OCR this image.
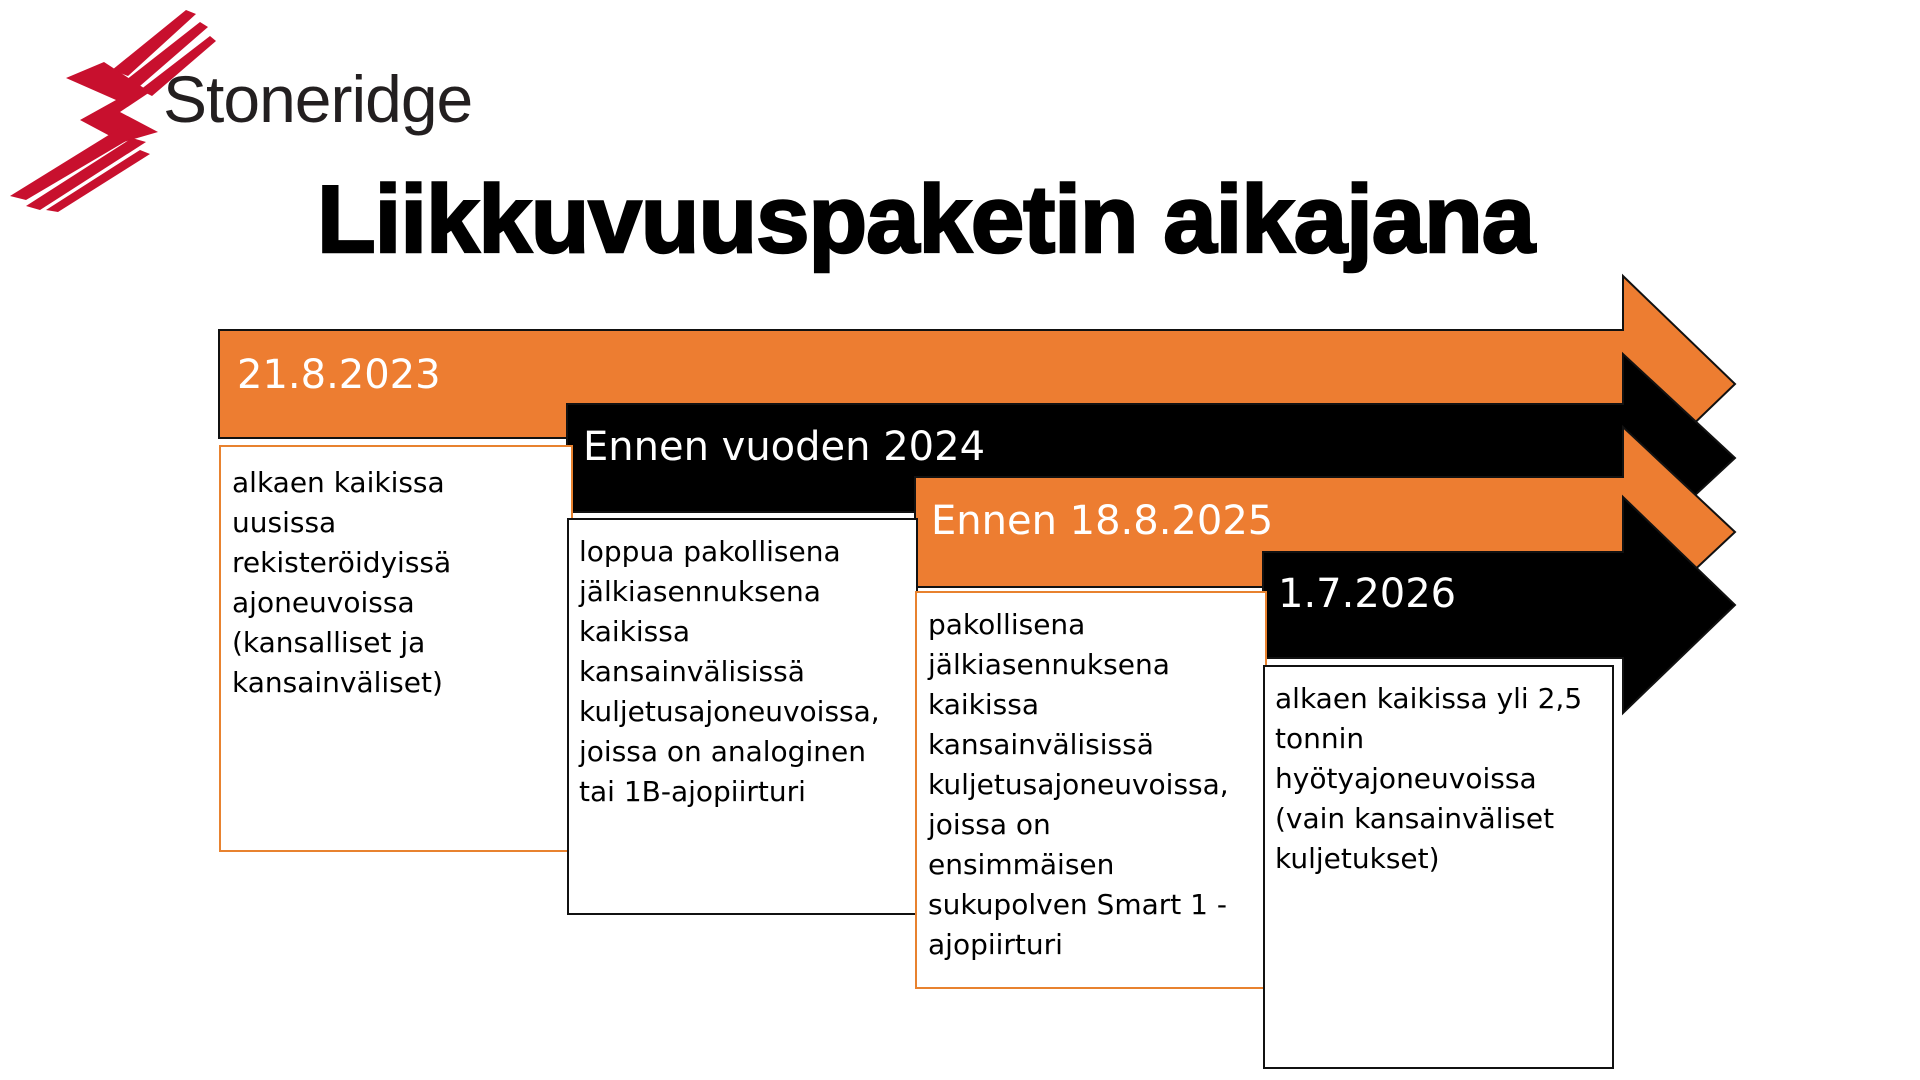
Stoneridge
Liikkuvuuspaketin aikajana
21.8.2023
Ennen vuoden 2024
Ennen 18.8.2025
1.7.2026
alkaen kaikissa
uusissa
rekisteröidyissä
ajoneuvoissa
(kansalliset ja
kansainväliset)
loppua pakollisena
jälkiasennuksena
kaikissa
kansainvälisissä
kuljetusajoneuvoissa,
joissa on analoginen
tai 1B-ajopiirturi
pakollisena
jälkiasennuksena
kaikissa
kansainvälisissä
kuljetusajoneuvoissa,
joissa on
ensimmäisen
sukupolven Smart 1 -
ajopiirturi
alkaen kaikissa yli 2,5
tonnin
hyötyajoneuvoissa
(vain kansainväliset
kuljetukset)
